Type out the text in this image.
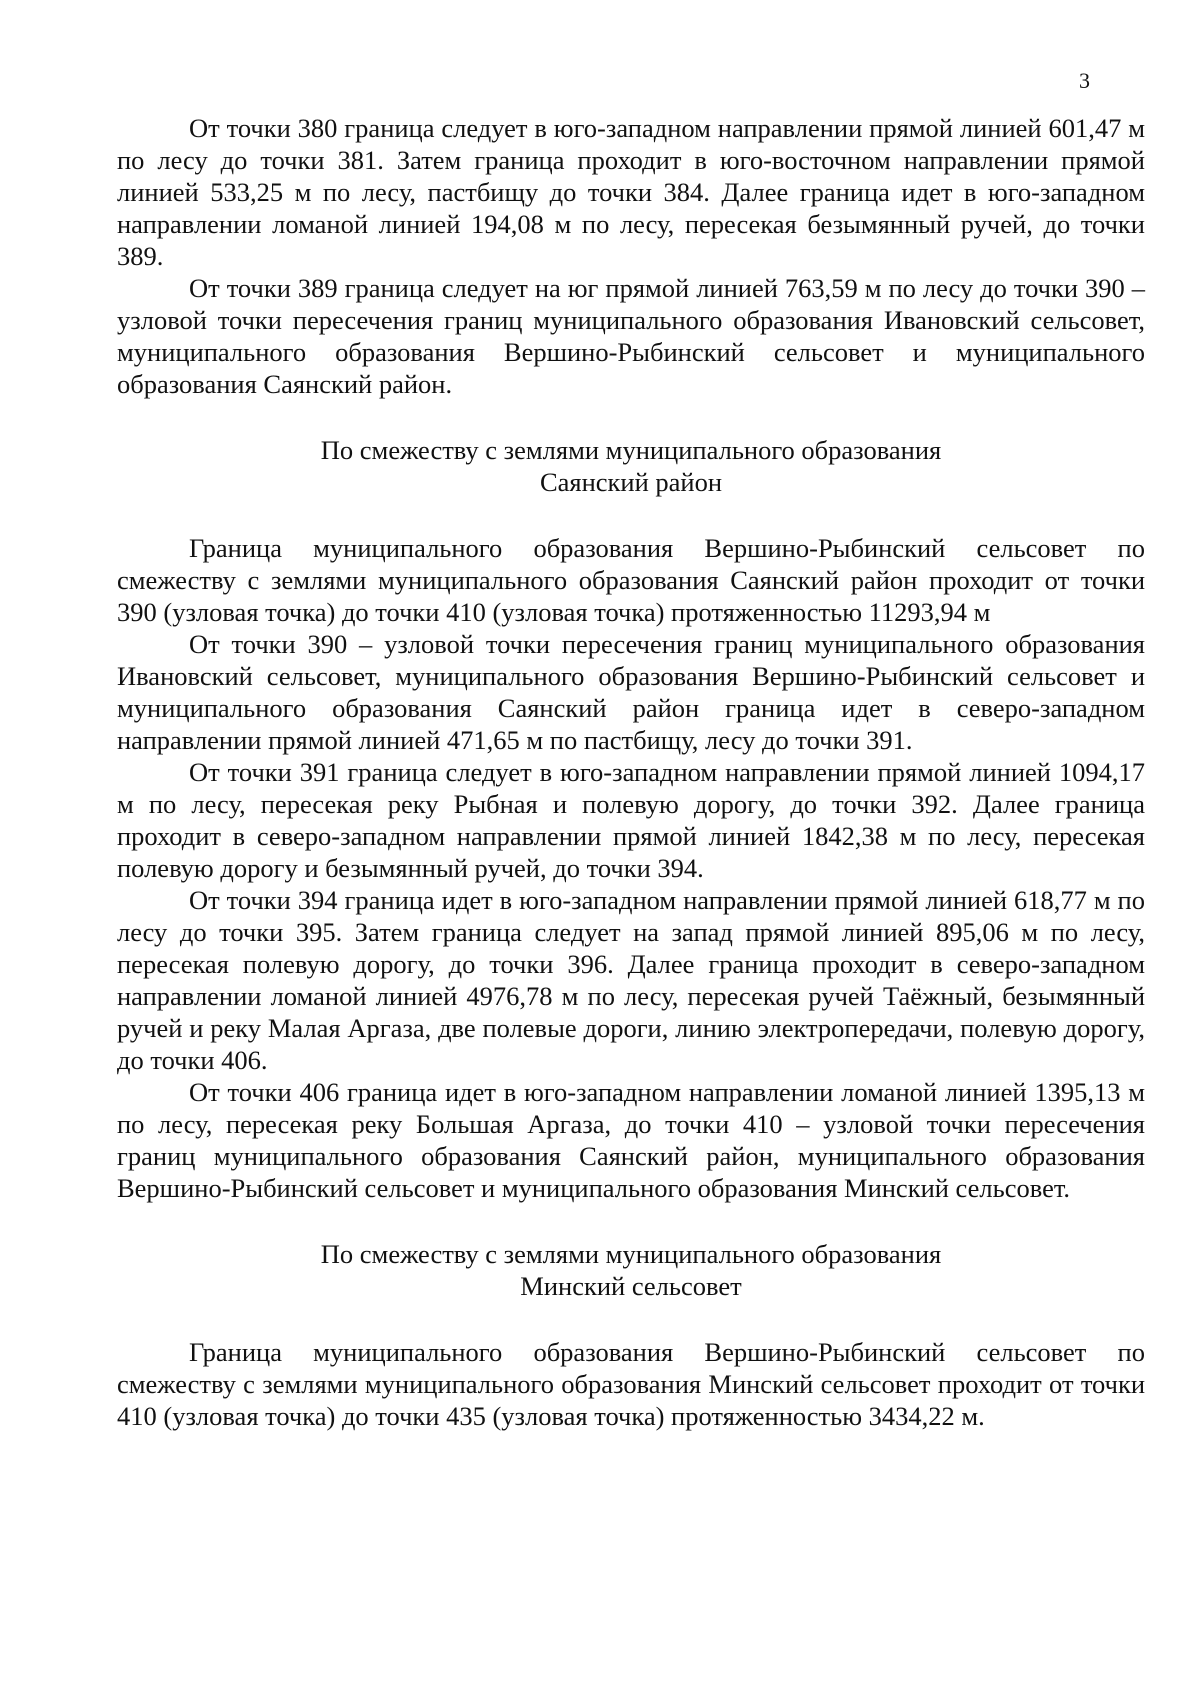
3

От точки 380 граница следует в юго-западном направлении прямой линией 601,47 м по лесу до точки 381. Затем граница проходит в юго-восточном направлении прямой линией 533,25 м по лесу, пастбищу до точки 384. Далее граница идет в юго-западном направлении ломаной линией 194,08 м по лесу, пересекая безымянный ручей, до точки 389.

От точки 389 граница следует на юг прямой линией 763,59 м по лесу до точки 390 – узловой точки пересечения границ муниципального образования Ивановский сельсовет, муниципального образования Вершино-Рыбинский сельсовет и муниципального образования Саянский район.

По смежеству с землями муниципального образования
Саянский район

Граница муниципального образования Вершино-Рыбинский сельсовет по смежеству с землями муниципального образования Саянский район проходит от точки 390 (узловая точка) до точки 410 (узловая точка) протяженностью 11293,94 м

От точки 390 – узловой точки пересечения границ муниципального образования Ивановский сельсовет, муниципального образования Вершино-Рыбинский сельсовет и муниципального образования Саянский район граница идет в северо-западном направлении прямой линией 471,65 м по пастбищу, лесу до точки 391.

От точки 391 граница следует в юго-западном направлении прямой линией 1094,17 м по лесу, пересекая реку Рыбная и полевую дорогу, до точки 392. Далее граница проходит в северо-западном направлении прямой линией 1842,38 м по лесу, пересекая полевую дорогу и безымянный ручей, до точки 394.

От точки 394 граница идет в юго-западном направлении прямой линией 618,77 м по лесу до точки 395. Затем граница следует на запад прямой линией 895,06 м по лесу, пересекая полевую дорогу, до точки 396. Далее граница проходит в северо-западном направлении ломаной линией 4976,78 м по лесу, пересекая ручей Таёжный, безымянный ручей и реку Малая Аргаза, две полевые дороги, линию электропередачи, полевую дорогу, до точки 406.

От точки 406 граница идет в юго-западном направлении ломаной линией 1395,13 м по лесу, пересекая реку Большая Аргаза, до точки 410 – узловой точки пересечения границ муниципального образования Саянский район, муниципального образования Вершино-Рыбинский сельсовет и муниципального образования Минский сельсовет.

По смежеству с землями муниципального образования
Минский сельсовет

Граница муниципального образования Вершино-Рыбинский сельсовет по смежеству с землями муниципального образования Минский сельсовет проходит от точки 410 (узловая точка) до точки 435 (узловая точка) протяженностью 3434,22 м.
